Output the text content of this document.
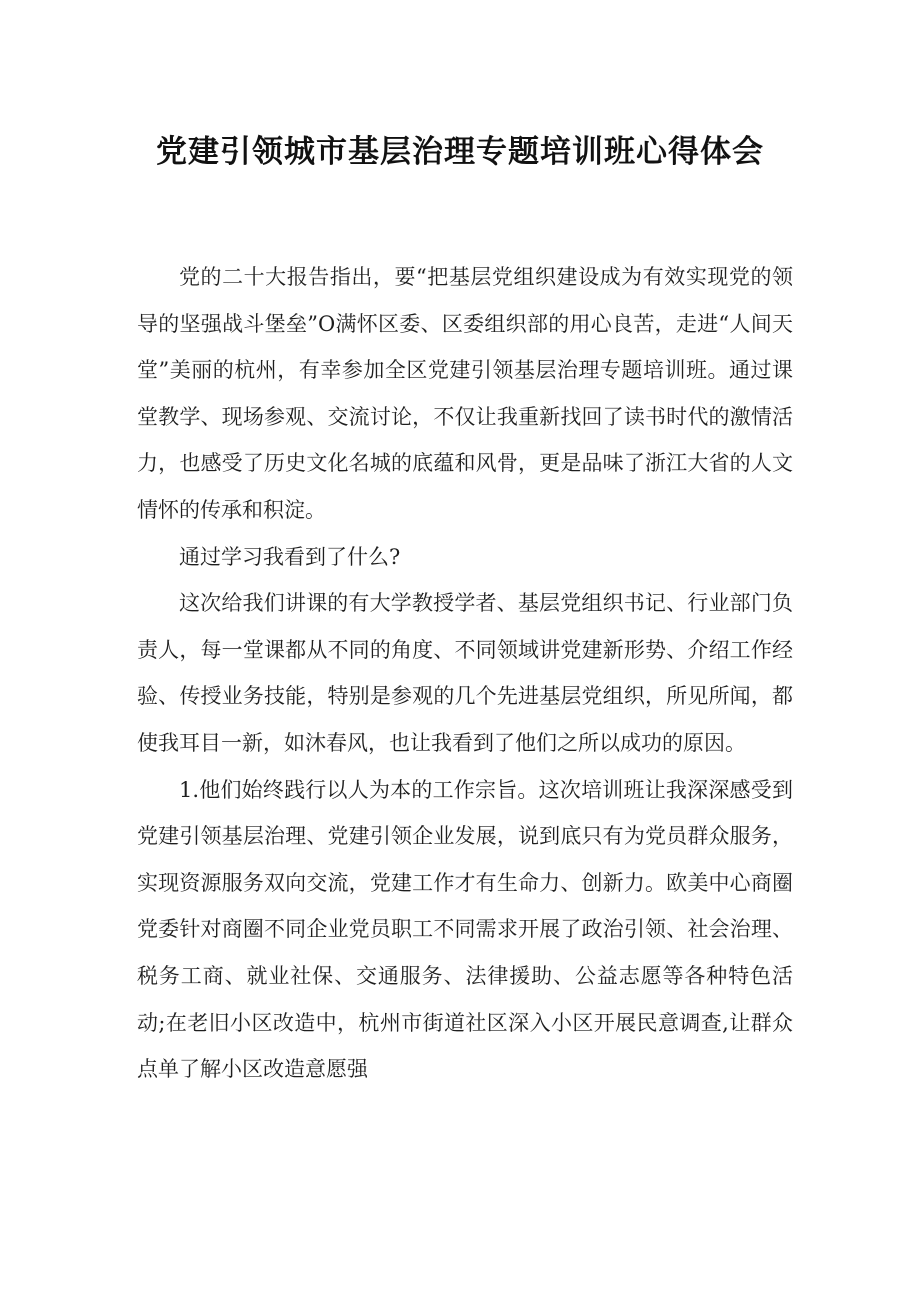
党建引领城市基层治理专题培训班心得体会

党的二十大报告指出，要“把基层党组织建设成为有效实现党的领导的坚强战斗堡垒”O满怀区委、区委组织部的用心良苦，走进“人间天堂”美丽的杭州，有幸参加全区党建引领基层治理专题培训班。通过课堂教学、现场参观、交流讨论，不仅让我重新找回了读书时代的激情活力，也感受了历史文化名城的底蕴和风骨，更是品味了浙江大省的人文情怀的传承和积淀。

通过学习我看到了什么?

这次给我们讲课的有大学教授学者、基层党组织书记、行业部门负责人，每一堂课都从不同的角度、不同领域讲党建新形势、介绍工作经验、传授业务技能，特别是参观的几个先进基层党组织，所见所闻，都使我耳目一新，如沐春风，也让我看到了他们之所以成功的原因。

1.他们始终践行以人为本的工作宗旨。这次培训班让我深深感受到党建引领基层治理、党建引领企业发展，说到底只有为党员群众服务，实现资源服务双向交流，党建工作才有生命力、创新力。欧美中心商圈党委针对商圈不同企业党员职工不同需求开展了政治引领、社会治理、税务工商、就业社保、交通服务、法律援助、公益志愿等各种特色活动;在老旧小区改造中，杭州市街道社区深入小区开展民意调查,让群众点单了解小区改造意愿强
